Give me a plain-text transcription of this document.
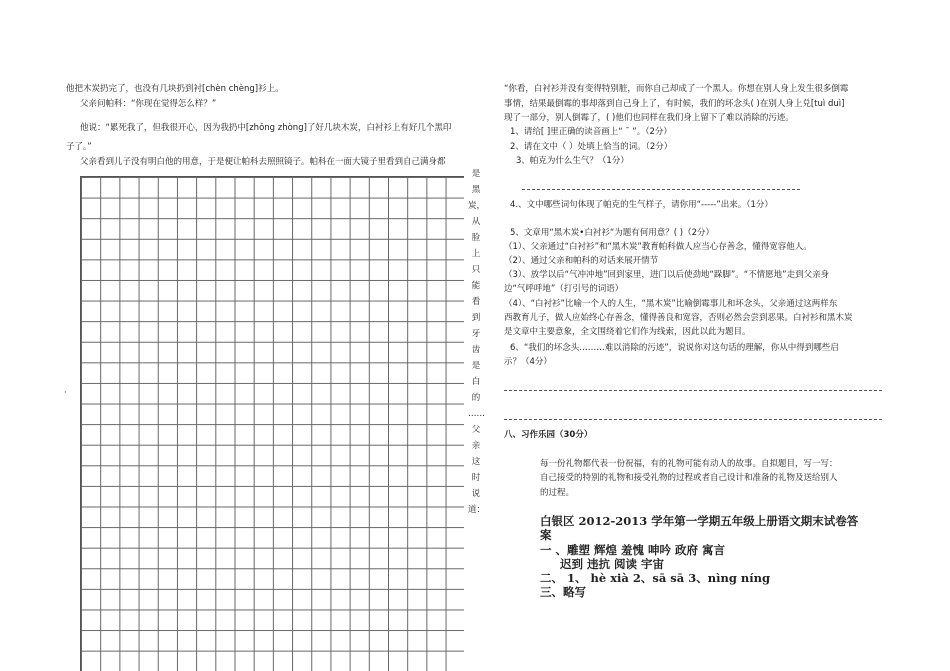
他把木炭扔完了，也没有几块扔到衬[chèn chèng]衫上。
父亲问帕科：“你现在觉得怎么样？”
他说：“累死我了，但我很开心，因为我扔中[zhǒng zhòng]了好几块木炭，白衬衫上有好几个黑印
子了。”
父亲看到儿子没有明白他的用意，于是便让帕科去照照镜子。帕科在一面大镜子里看到自己满身都
是
黑
炭，
从
脸
上
只
能
看
到
牙
齿
是
白
的
……
父
亲
这
时
说
道：
·
“你看，白衬衫并没有变得特别脏，而你自己却成了一个黑人。你想在别人身上发生很多倒霉
事情，结果最倒霉的事却落到自己身上了，有时候，我们的坏念头( )在别人身上兑[tuì duì]
现了一部分，别人倒霉了，( )他们也同样在我们身上留下了难以消除的污迹。
1、请给[ ]里正确的读音画上“ ˉ ”。（2分）
2、请在文中（ ）处填上恰当的词。（2分）
3、帕克为什么生气？（1分）
4.、文中哪些词句体现了帕克的生气样子，请你用“-----”出来。（1分）
5、文章用“黑木炭•白衬衫“为题有何用意？( )（2分）
（1）、父亲通过“白衬衫”和“黑木炭”教育帕科做人应当心存善念，懂得宽容他人。
（2）、通过父亲和帕科的对话来展开情节
（3）、放学以后“气冲冲地”回到家里，进门以后使劲地“跺脚”。“不情愿地”走到父亲身
边“气呼呼地”（打引号的词语）
（4）、“白衬衫”比喻一个人的人生，“黑木炭”比喻倒霉事儿和坏念头，父亲通过这两样东
西教育儿子，做人应始终心存善念，懂得善良和宽容，否则必然会尝到恶果。白衬衫和黑木炭
是文章中主要意象，全文围绕着它们作为线索，因此以此为题目。
6、“我们的坏念头………难以消除的污迹”，说说你对这句话的理解，你从中得到哪些启
示？（4分）
八、习作乐园（30分）
每一份礼物都代表一份祝福，有的礼物可能有动人的故事。自拟题目，写一写：
自己接受的特别的礼物和接受礼物的过程或者自己设计和准备的礼物及送给别人
的过程。
白银区 2012-2013 学年第一学期五年级上册语文期末试卷答
案
一 、雕塑 辉煌 羞愧 呻吟 政府 寓言
迟到 违抗 阅读 宇宙
二、 1、 hè xià 2、sā sā 3、nìng níng
三、略写
